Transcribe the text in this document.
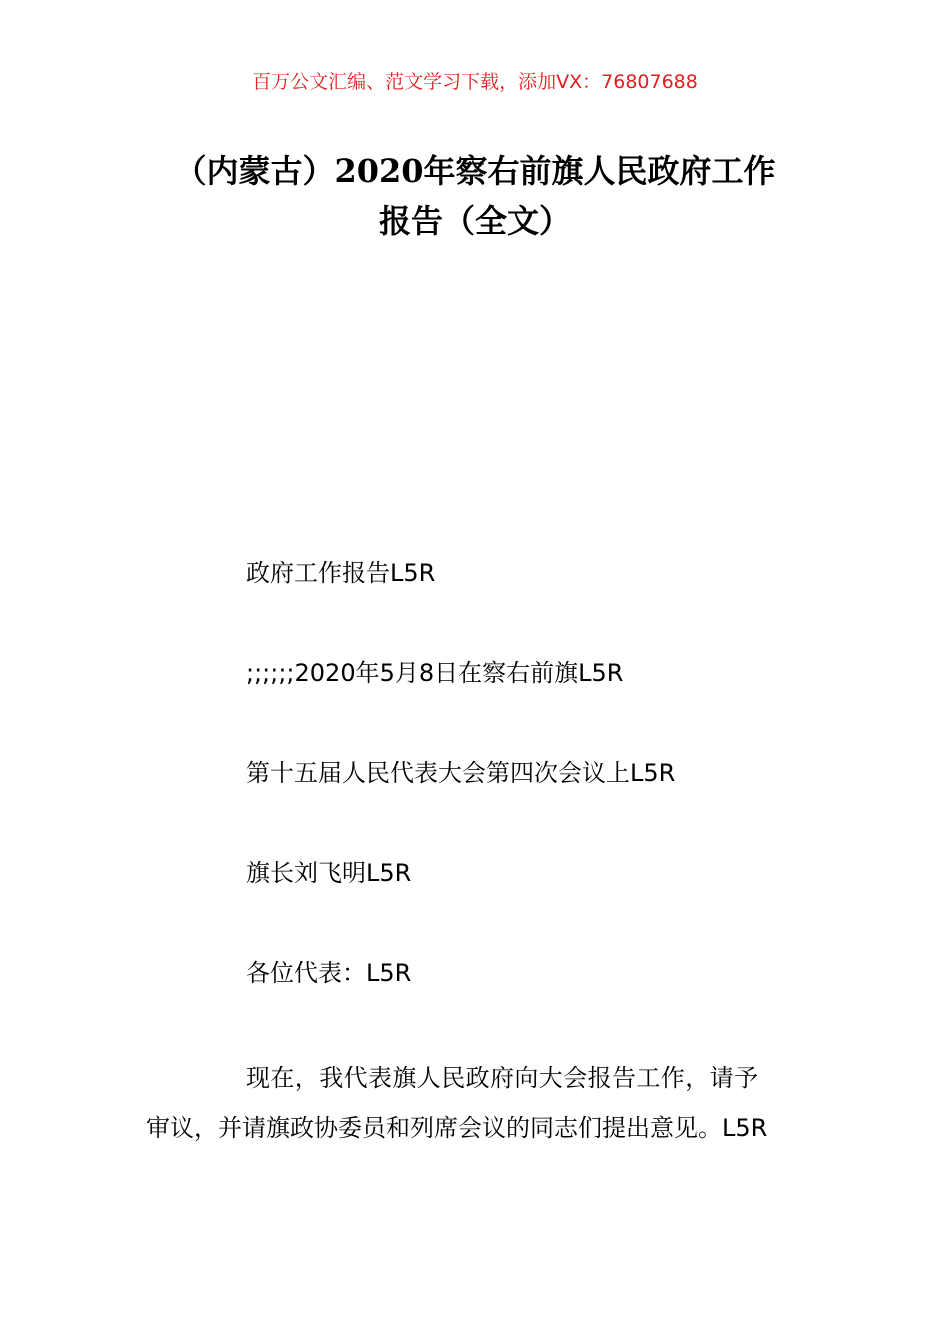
百万公文汇编、范文学习下载，添加VX：76807688
（内蒙古）2020年察右前旗人民政府工作
报告（全文）

政府工作报告L5R

;;;;;;2020年5月8日在察右前旗L5R

第十五届人民代表大会第四次会议上L5R

旗长刘飞明L5R

各位代表：L5R

现在，我代表旗人民政府向大会报告工作，请予
审议，并请旗政协委员和列席会议的同志们提出意见。L5R
